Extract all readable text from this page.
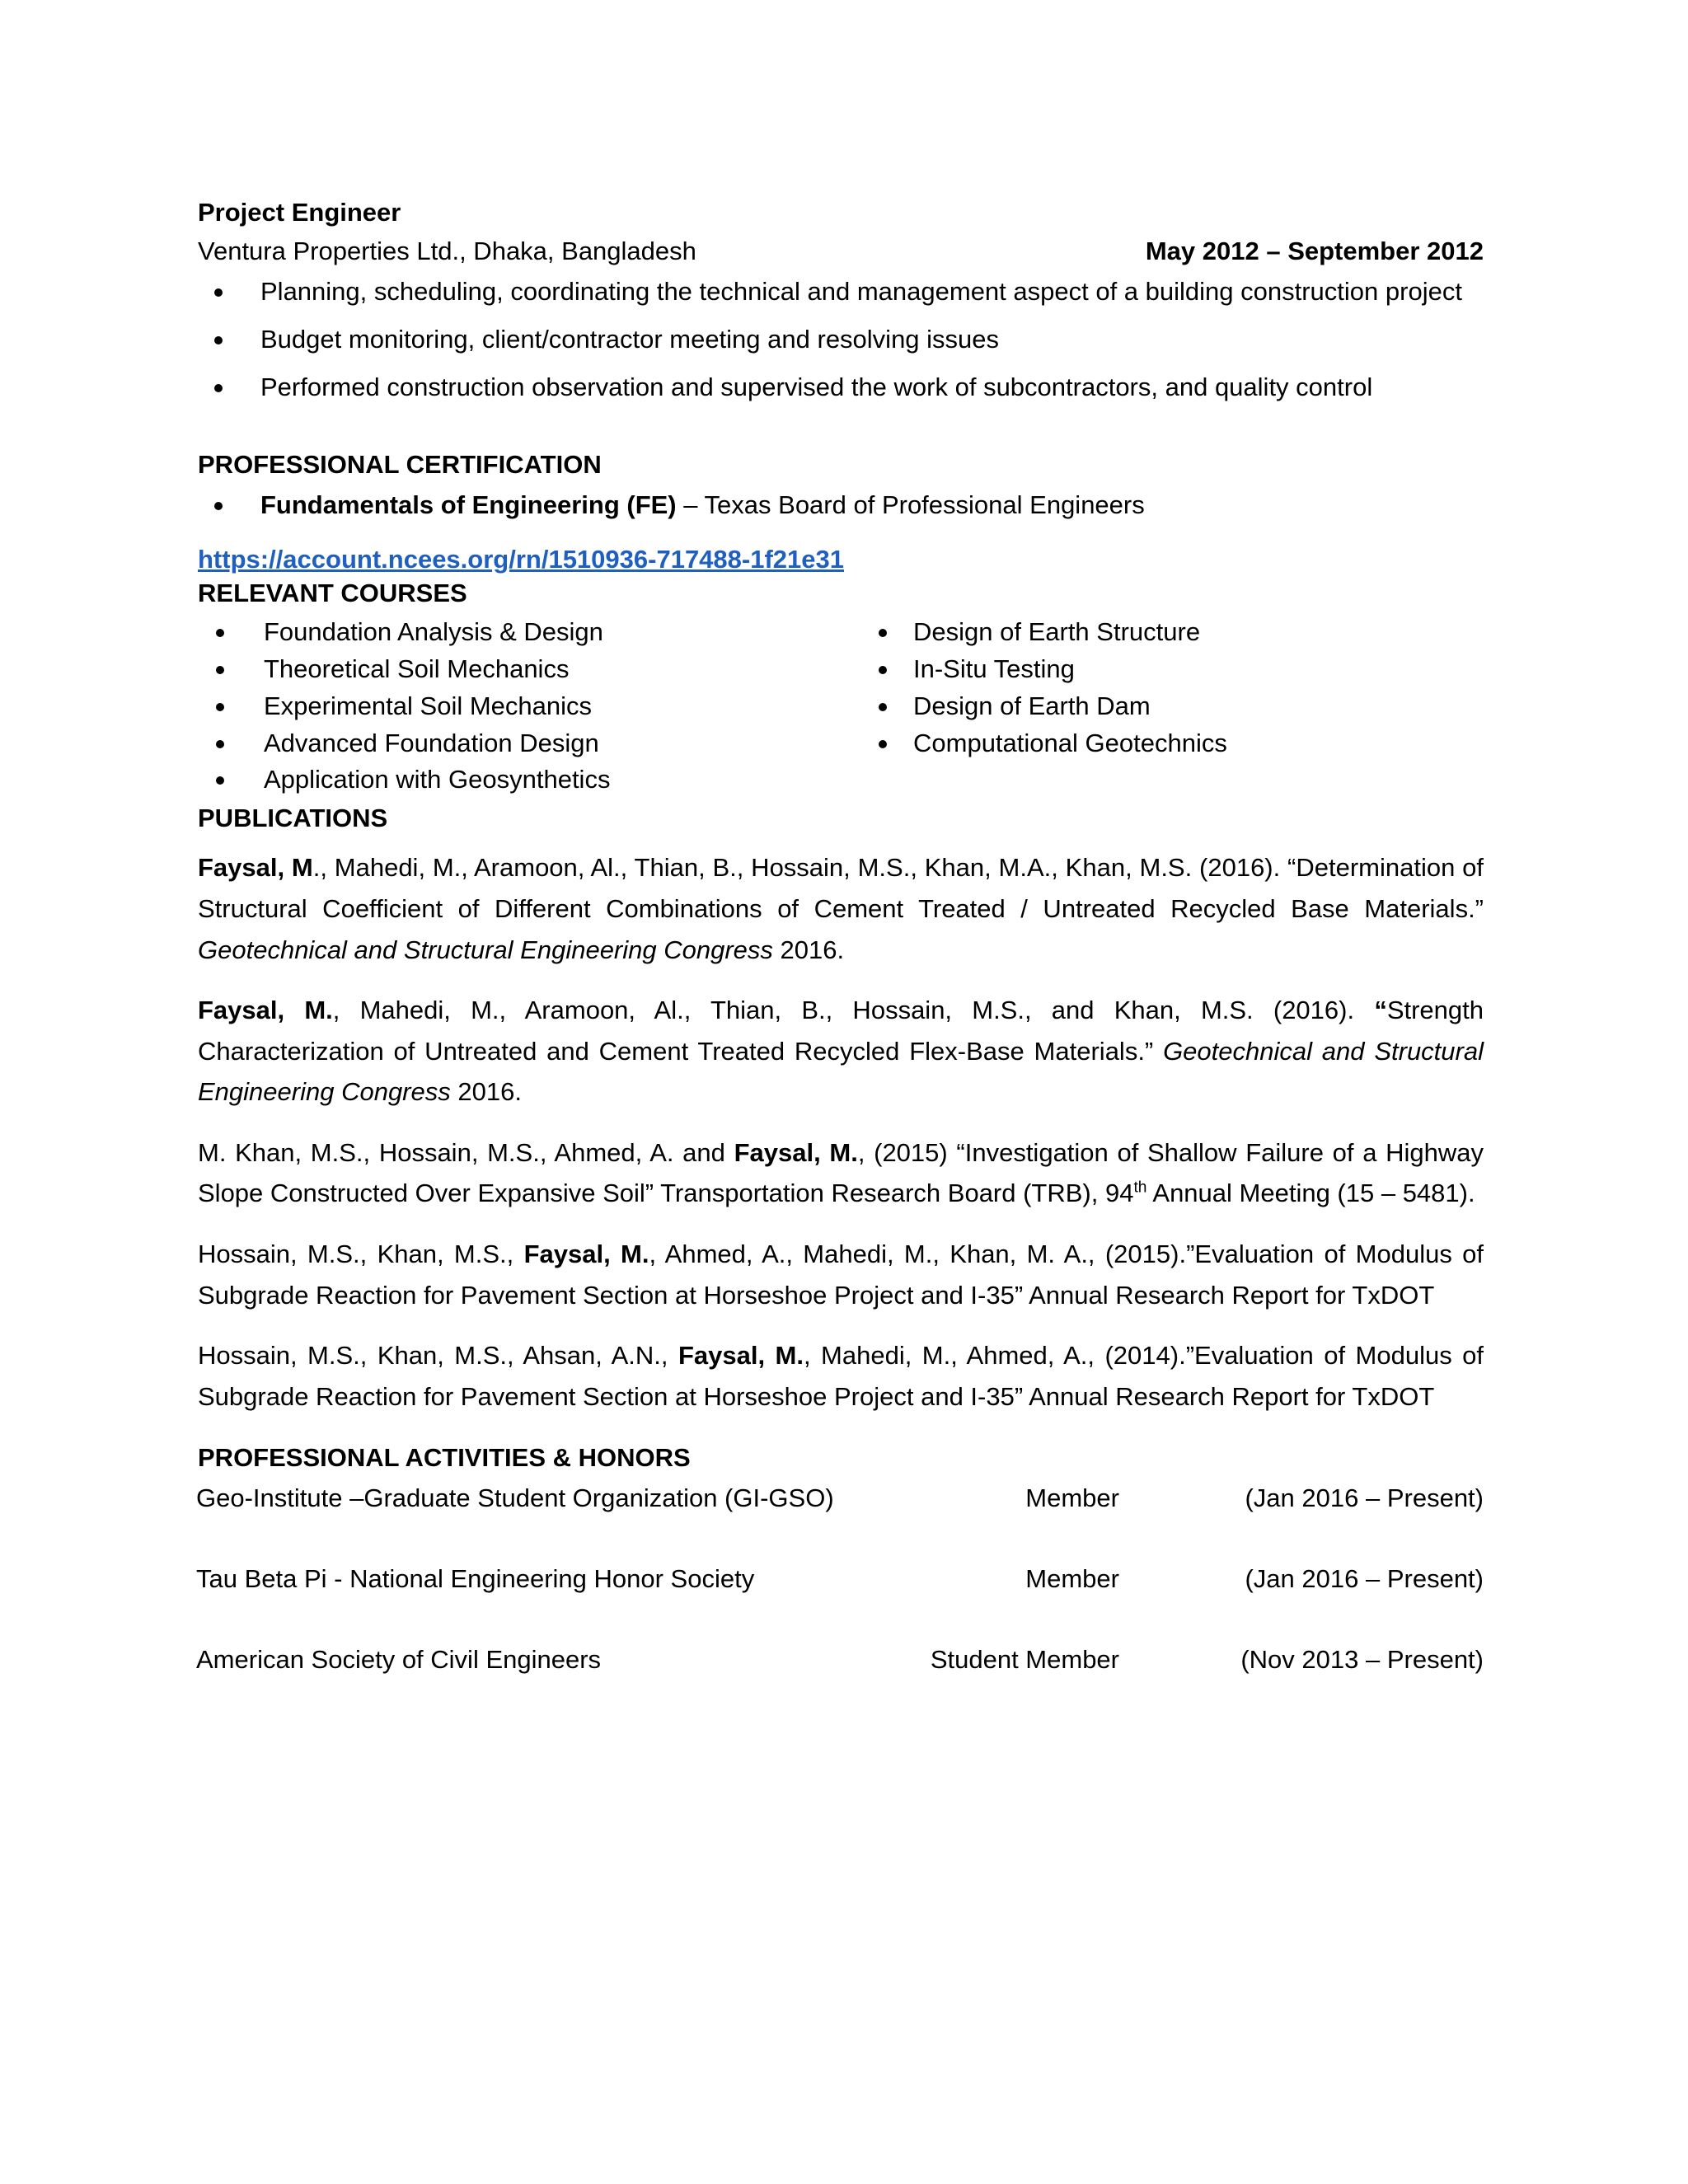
Project Engineer

Ventura Properties Ltd., Dhaka, Bangladesh	May 2012 – September 2012
Planning, scheduling, coordinating the technical and management aspect of a building construction project
Budget monitoring, client/contractor meeting and resolving issues
Performed construction observation and supervised the work of subcontractors, and quality control

PROFESSIONAL CERTIFICATION

Fundamentals of Engineering (FE) – Texas Board of Professional Engineers
https://account.ncees.org/rn/1510936-717488-1f21e31

RELEVANT COURSES

Foundation Analysis & Design
Theoretical Soil Mechanics
Experimental Soil Mechanics
Advanced Foundation Design
Application with Geosynthetics
Design of Earth Structure
In-Situ Testing
Design of Earth Dam
Computational Geotechnics

PUBLICATIONS

Faysal, M., Mahedi, M., Aramoon, Al., Thian, B., Hossain, M.S., Khan, M.A., Khan, M.S. (2016). “Determination of Structural Coefficient of Different Combinations of Cement Treated / Untreated Recycled Base Materials.” Geotechnical and Structural Engineering Congress 2016.

Faysal, M., Mahedi, M., Aramoon, Al., Thian, B., Hossain, M.S., and Khan, M.S. (2016). “Strength Characterization of Untreated and Cement Treated Recycled Flex-Base Materials.” Geotechnical and Structural Engineering Congress 2016.

M. Khan, M.S., Hossain, M.S., Ahmed, A. and Faysal, M., (2015) “Investigation of Shallow Failure of a Highway Slope Constructed Over Expansive Soil” Transportation Research Board (TRB), 94th Annual Meeting (15 – 5481).

Hossain, M.S., Khan, M.S., Faysal, M., Ahmed, A., Mahedi, M., Khan, M. A., (2015).”Evaluation of Modulus of Subgrade Reaction for Pavement Section at Horseshoe Project and I-35” Annual Research Report for TxDOT

Hossain, M.S., Khan, M.S., Ahsan, A.N., Faysal, M., Mahedi, M., Ahmed, A., (2014).”Evaluation of Modulus of Subgrade Reaction for Pavement Section at Horseshoe Project and I-35” Annual Research Report for TxDOT

PROFESSIONAL ACTIVITIES & HONORS

Geo-Institute –Graduate Student Organization (GI-GSO)	Member	(Jan 2016 – Present)
Tau Beta Pi - National Engineering Honor Society	Member	(Jan 2016 – Present)
American Society of Civil Engineers	Student Member	(Nov 2013 – Present)
